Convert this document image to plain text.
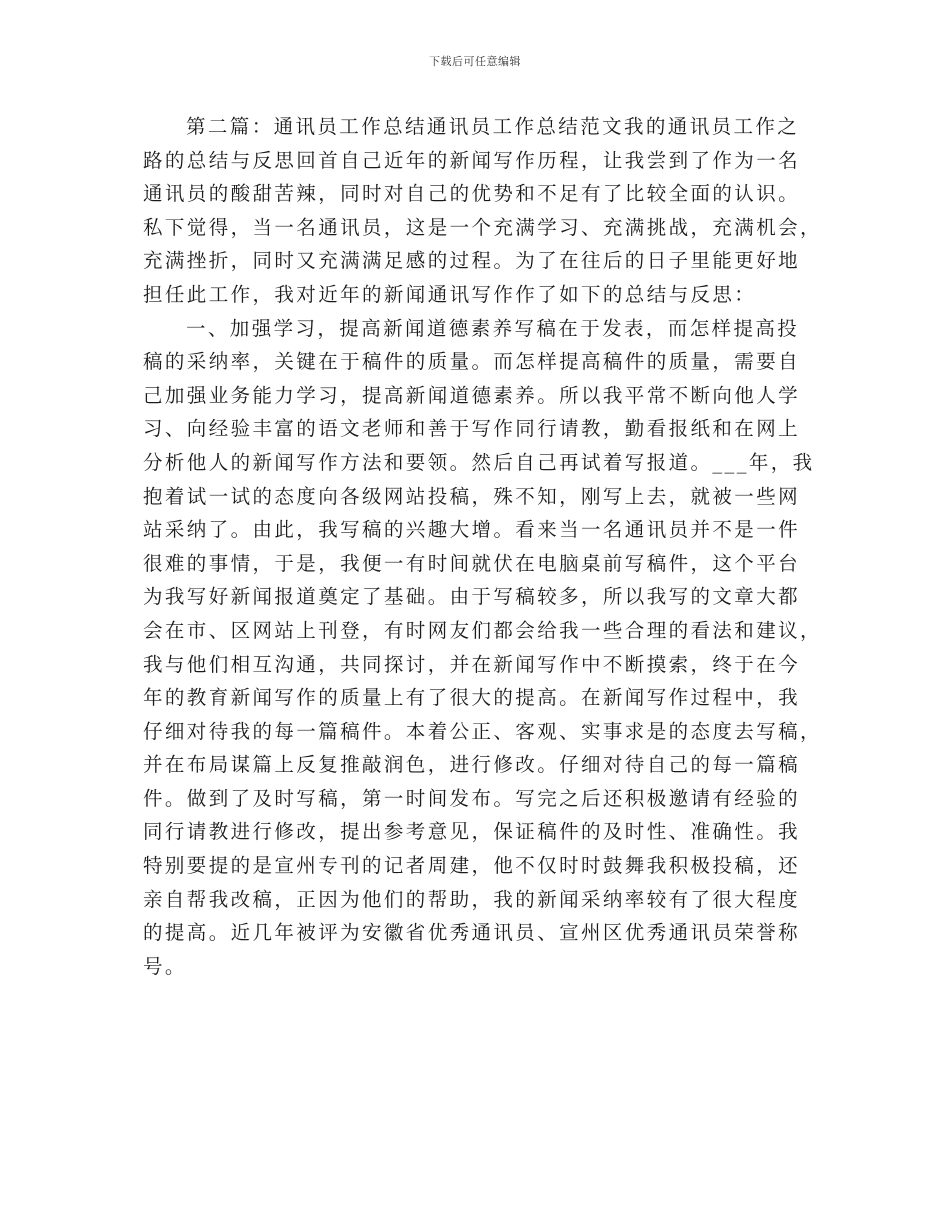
下载后可任意编辑
第二篇：通讯员工作总结通讯员工作总结范文我的通讯员工作之
路的总结与反思回首自己近年的新闻写作历程，让我尝到了作为一名
通讯员的酸甜苦辣，同时对自己的优势和不足有了比较全面的认识。
私下觉得，当一名通讯员，这是一个充满学习、充满挑战，充满机会，
充满挫折，同时又充满满足感的过程。为了在往后的日子里能更好地
担任此工作，我对近年的新闻通讯写作作了如下的总结与反思：
一、加强学习，提高新闻道德素养写稿在于发表，而怎样提高投
稿的采纳率，关键在于稿件的质量。而怎样提高稿件的质量，需要自
己加强业务能力学习，提高新闻道德素养。所以我平常不断向他人学
习、向经验丰富的语文老师和善于写作同行请教，勤看报纸和在网上
分析他人的新闻写作方法和要领。然后自己再试着写报道。___年，我
抱着试一试的态度向各级网站投稿，殊不知，刚写上去，就被一些网
站采纳了。由此，我写稿的兴趣大增。看来当一名通讯员并不是一件
很难的事情，于是，我便一有时间就伏在电脑桌前写稿件，这个平台
为我写好新闻报道奠定了基础。由于写稿较多，所以我写的文章大都
会在市、区网站上刊登，有时网友们都会给我一些合理的看法和建议，
我与他们相互沟通，共同探讨，并在新闻写作中不断摸索，终于在今
年的教育新闻写作的质量上有了很大的提高。在新闻写作过程中，我
仔细对待我的每一篇稿件。本着公正、客观、实事求是的态度去写稿，
并在布局谋篇上反复推敲润色，进行修改。仔细对待自己的每一篇稿
件。做到了及时写稿，第一时间发布。写完之后还积极邀请有经验的
同行请教进行修改，提出参考意见，保证稿件的及时性、准确性。我
特别要提的是宣州专刊的记者周建，他不仅时时鼓舞我积极投稿，还
亲自帮我改稿，正因为他们的帮助，我的新闻采纳率较有了很大程度
的提高。近几年被评为安徽省优秀通讯员、宣州区优秀通讯员荣誉称
号。
